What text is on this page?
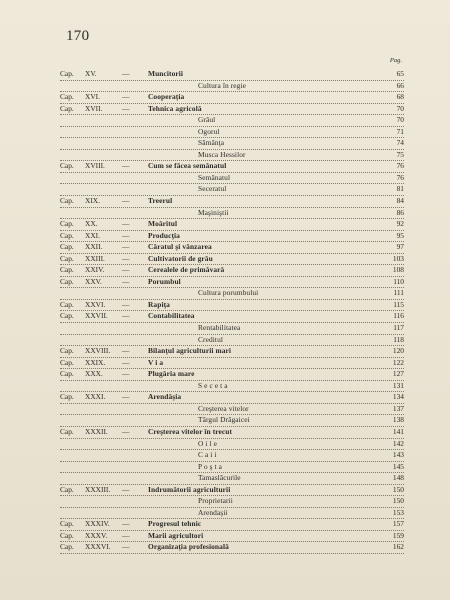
170
Pag.
Cap.	XV.	—	Muncitorii	65
Cultura în regie	66
Cap.	XVI.	—	Cooperaţia	68
Cap.	XVII.	—	Tehnica agricolă	70
Grâul	70
Ogorul	71
Sămânţa	74
Musca Hessilor	75
Cap.	XVIII. —	Cum se făcea semănatul	76
Semănatul	76
Seceratul	81
Cap.	XIX.	—	Treerul	84
Maşiniştii	86
Cap.	XX.	—	Moăritul	92
Cap.	XXI.	—	Producţia	95
Cap.	XXII.	—	Căratul şi vânzarea	97
Cap.	XXIII. —	Cultivatorii de grâu	103
Cap.	XXIV. —	Cerealele de primăvară	108
Cap.	XXV.	—	Porumbul	110
Cultura porumbului	111
Cap.	XXVI. —	Rapiţa	115
Cap.	XXVII. —	Contabilitatea	116
Rentabilitatea	117
Creditul	118
Cap.	XXVIII. —	Bilanţul agriculturii mari	120
Cap.	XXIX. —	V i a	122
Cap.	XXX.	—	Plugăria mare	127
S e c e t a	131
Cap.	XXXI. —	Arendăşia	134
Creşterea vitelor	137
Târgul Drăgaicei	138
Cap.	XXXII. —	Creşterea vitelor în trecut	141
O i l e	142
C a i i	143
P o ş t a	145
Tamaslăcurile	148
Cap.	XXXIII. —	Indrumătorii agriculturii	150
Proprietarii	150
Arendaşii	153
Cap.	XXXIV. —	Progresul tehnic	157
Cap.	XXXV. —	Marii agricultori	159
Cap.	XXXVI. —	Organizaţia profesională	162
